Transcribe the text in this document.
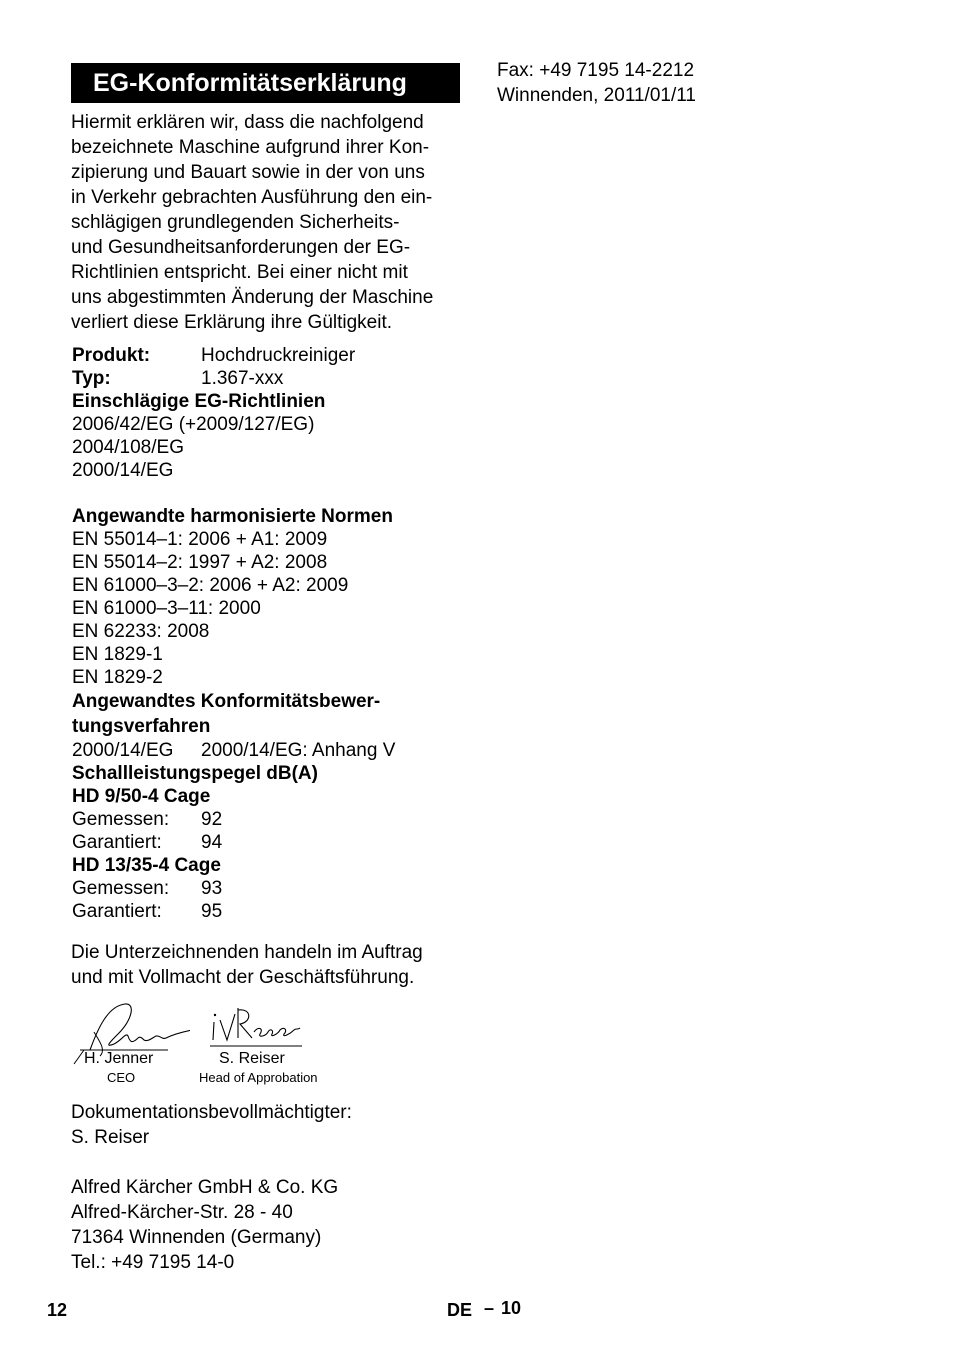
EG-Konformitätserklärung

Hiermit erklären wir, dass die nachfolgend

bezeichnete Maschine aufgrund ihrer Kon-

zipierung und Bauart sowie in der von uns

in Verkehr gebrachten Ausführung den ein-

schlägigen grundlegenden Sicherheits-

und Gesundheitsanforderungen der EG-

Richtlinien entspricht. Bei einer nicht mit

uns abgestimmten Änderung der Maschine

verliert diese Erklärung ihre Gültigkeit.

Produkt:	Hochdruckreiniger
Typ:	1.367-xxx
Einschlägige EG-Richtlinien
2006/42/EG (+2009/127/EG)
2004/108/EG
2000/14/EG
Angewandte harmonisierte Normen
EN 55014–1: 2006 + A1: 2009
EN 55014–2: 1997 + A2: 2008
EN 61000–3–2: 2006 + A2: 2009
EN 61000–3–11: 2000
EN 62233: 2008
EN 1829-1
EN 1829-2
Angewandtes Konformitätsbewer-
tungsverfahren
2000/14/EG 2000/14/EG: Anhang V
Schallleistungspegel dB(A)
HD 9/50-4 Cage
Gemessen: 92
Garantiert: 94
HD 13/35-4 Cage
Gemessen: 93
Garantiert: 95
Die Unterzeichnenden handeln im Auftrag
und mit Vollmacht der Geschäftsführung.
H. Jenner
CEO
S. Reiser
Head of Approbation
Dokumentationsbevollmächtigter:
S. Reiser
Alfred Kärcher GmbH & Co. KG
Alfred-Kärcher-Str. 28 - 40
71364 Winnenden (Germany)
Tel.: +49 7195 14-0
Fax: +49 7195 14-2212
Winnenden, 2011/01/11
12	DE – 10
